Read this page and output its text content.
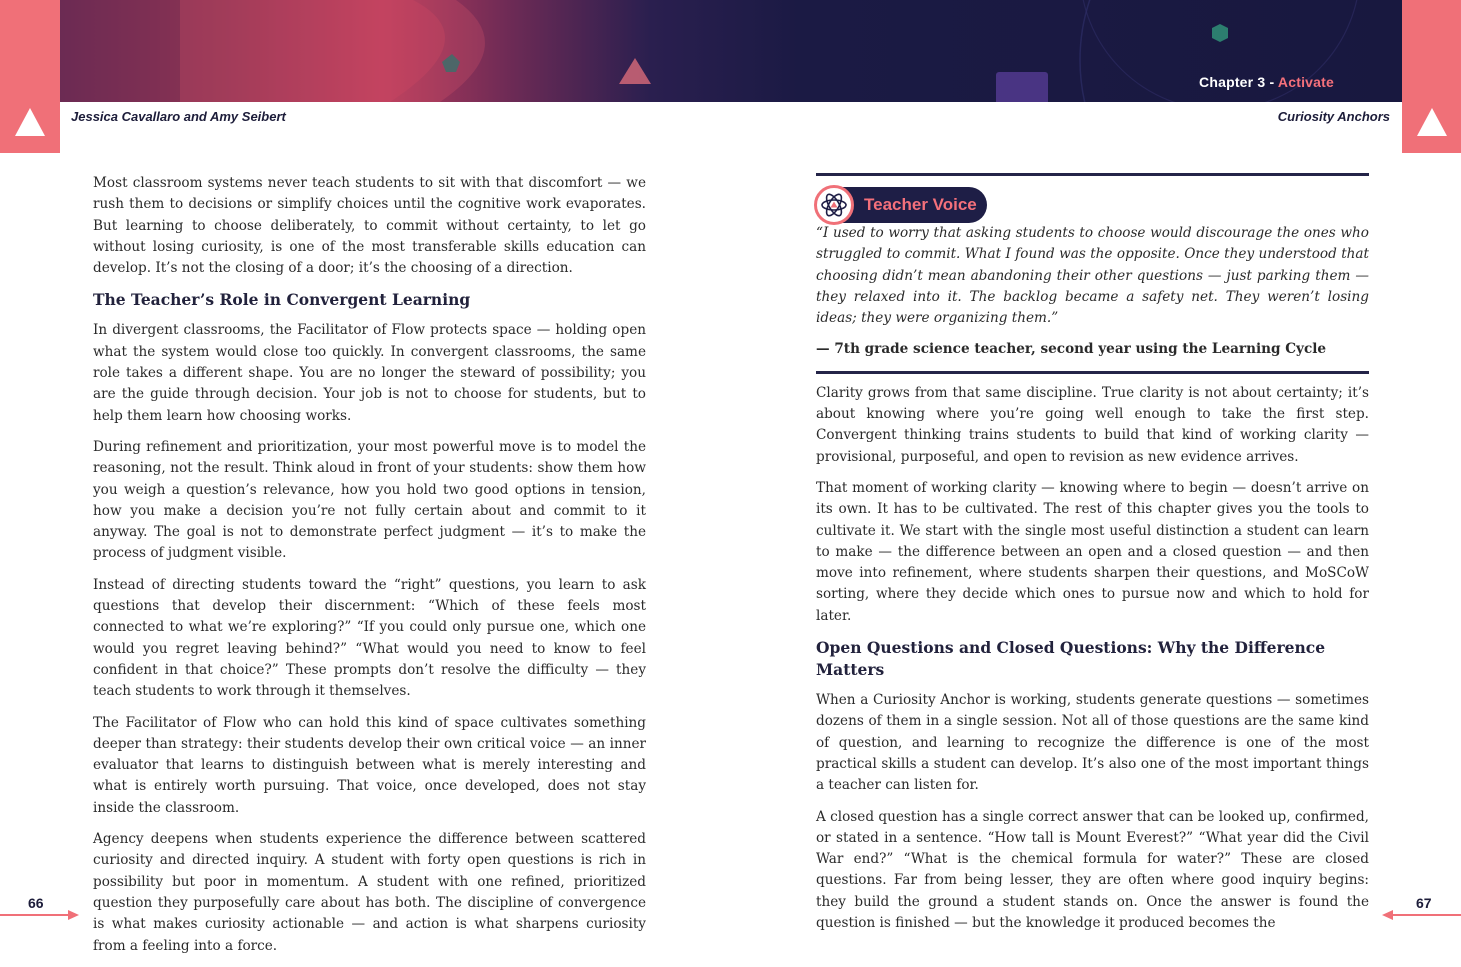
Chapter 3 - Activate
Jessica Cavallaro and Amy Seibert	Curiosity Anchors

Most classroom systems never teach students to sit with that discomfort — we rush them to decisions or simplify choices until the cognitive work evaporates. But learning to choose deliberately, to commit without certainty, to let go without losing curiosity, is one of the most transferable skills education can develop. It’s not the closing of a door; it’s the choosing of a direction.

The Teacher’s Role in Convergent Learning

In divergent classrooms, the Facilitator of Flow protects space — holding open what the system would close too quickly. In convergent classrooms, the same role takes a different shape. You are no longer the steward of possibility; you are the guide through decision. Your job is not to choose for students, but to help them learn how choosing works.

During refinement and prioritization, your most powerful move is to model the reasoning, not the result. Think aloud in front of your students: show them how you weigh a question’s relevance, how you hold two good options in tension, how you make a decision you’re not fully certain about and commit to it anyway. The goal is not to demonstrate perfect judgment — it’s to make the process of judgment visible.

Instead of directing students toward the “right” questions, you learn to ask questions that develop their discernment: “Which of these feels most connected to what we’re exploring?” “If you could only pursue one, which one would you regret leaving behind?” “What would you need to know to feel confident in that choice?” These prompts don’t resolve the difficulty — they teach students to work through it themselves.

The Facilitator of Flow who can hold this kind of space cultivates something deeper than strategy: their students develop their own critical voice — an inner evaluator that learns to distinguish between what is merely interesting and what is entirely worth pursuing. That voice, once developed, does not stay inside the classroom.

Agency deepens when students experience the difference between scattered curiosity and directed inquiry. A student with forty open questions is rich in possibility but poor in momentum. A student with one refined, prioritized question they purposefully care about has both. The discipline of convergence is what makes curiosity actionable — and action is what sharpens curiosity from a feeling into a force.

Teacher Voice

“I used to worry that asking students to choose would discourage the ones who struggled to commit. What I found was the opposite. Once they understood that choosing didn’t mean abandoning their other questions — just parking them — they relaxed into it. The backlog became a safety net. They weren’t losing ideas; they were organizing them.”

— 7th grade science teacher, second year using the Learning Cycle

Clarity grows from that same discipline. True clarity is not about certainty; it’s about knowing where you’re going well enough to take the first step. Convergent thinking trains students to build that kind of working clarity — provisional, purposeful, and open to revision as new evidence arrives.

That moment of working clarity — knowing where to begin — doesn’t arrive on its own. It has to be cultivated. The rest of this chapter gives you the tools to cultivate it. We start with the single most useful distinction a student can learn to make — the difference between an open and a closed question — and then move into refinement, where students sharpen their questions, and MoSCoW sorting, where they decide which ones to pursue now and which to hold for later.

Open Questions and Closed Questions: Why the Difference Matters

When a Curiosity Anchor is working, students generate questions — sometimes dozens of them in a single session. Not all of those questions are the same kind of question, and learning to recognize the difference is one of the most practical skills a student can develop. It’s also one of the most important things a teacher can listen for.

A closed question has a single correct answer that can be looked up, confirmed, or stated in a sentence. “How tall is Mount Everest?” “What year did the Civil War end?” “What is the chemical formula for water?” These are closed questions. Far from being lesser, they are often where good inquiry begins: they build the ground a student stands on. Once the answer is found the question is finished — but the knowledge it produced becomes the

66	67
